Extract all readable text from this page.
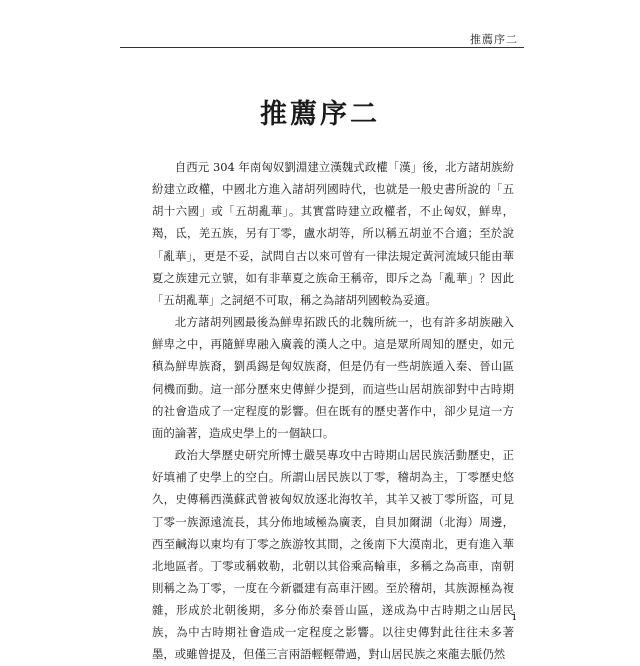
推薦序二
推薦序二

自西元 304 年南匈奴劉淵建立漢魏式政權「漢」後，北方諸胡族紛紛建立政權，中國北方進入諸胡列國時代，也就是一般史書所說的「五胡十六國」或「五胡亂華」。其實當時建立政權者，不止匈奴，鮮卑，羯，氐，羌五族，另有丁零，盧水胡等，所以稱五胡並不合適；至於說「亂華」，更是不妥，試問自古以來可曾有一律法規定黃河流域只能由華夏之族建元立號，如有非華夏之族命王稱帝，即斥之為「亂華」？因此「五胡亂華」之詞絕不可取，稱之為諸胡列國較為妥適。

北方諸胡列國最後為鮮卑拓跋氏的北魏所統一，也有許多胡族融入鮮卑之中，再隨鮮卑融入廣義的漢人之中。這是眾所周知的歷史，如元稹為鮮卑族裔，劉禹錫是匈奴族裔，但是仍有一些胡族遁入秦、晉山區伺機而動。這一部分歷來史傳鮮少提到，而這些山居胡族卻對中古時期的社會造成了一定程度的影響。但在既有的歷史著作中，卻少見這一方面的論著，造成史學上的一個缺口。

政治大學歷史研究所博士嚴昊專攻中古時期山居民族活動歷史，正好填補了史學上的空白。所謂山居民族以丁零，稽胡為主，丁零歷史悠久，史傳稱西漢蘇武曾被匈奴放逐北海牧羊，其羊又被丁零所盜，可見丁零一族源遠流長，其分佈地域極為廣袤，自貝加爾湖（北海）周邊，西至鹹海以東均有丁零之族游牧其間，之後南下大漠南北，更有進入華北地區者。丁零或稱敕勒，北朝以其俗乘高輪車，多稱之為高車，南朝則稱之為丁零，一度在今新疆建有高車汗國。至於稽胡，其族源極為複雜，形成於北朝後期，多分佈於秦晉山區，遂成為中古時期之山居民族，為中古時期社會造成一定程度之影響。以往史傳對此往往未多著墨，或雖曾提及，但僅三言兩語輕輕帶過，對山居民族之來龍去脈仍然

i
